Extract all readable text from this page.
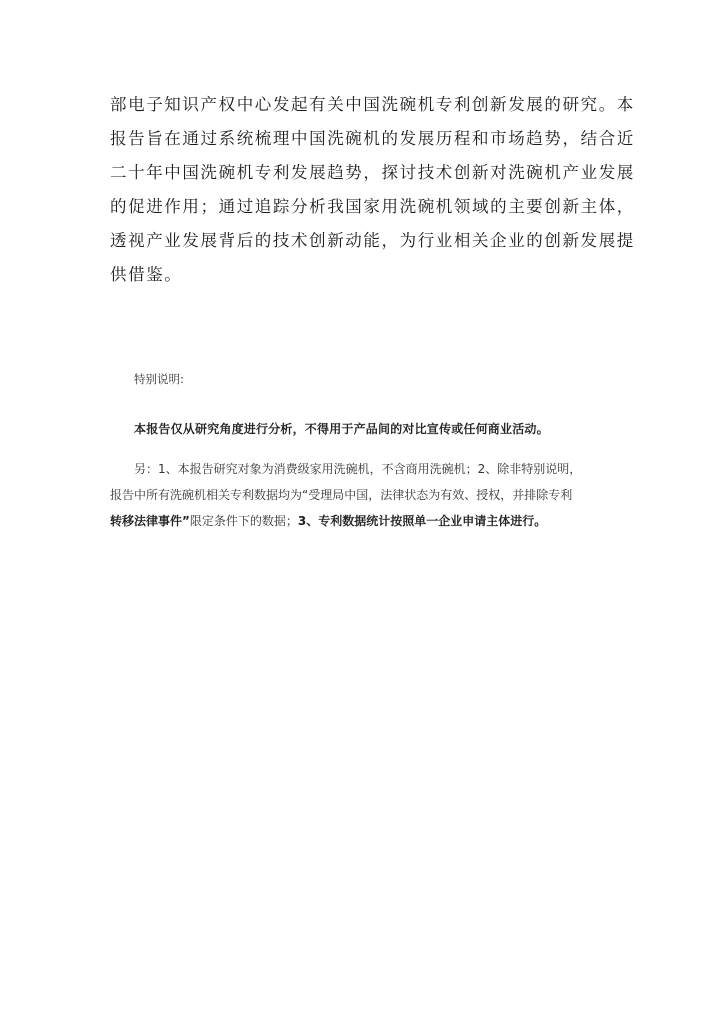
部电子知识产权中心发起有关中国洗碗机专利创新发展的研究。本
报告旨在通过系统梳理中国洗碗机的发展历程和市场趋势，结合近
二十年中国洗碗机专利发展趋势，探讨技术创新对洗碗机产业发展
的促进作用；通过追踪分析我国家用洗碗机领域的主要创新主体，
透视产业发展背后的技术创新动能，为行业相关企业的创新发展提
供借鉴。
特别说明:
本报告仅从研究角度进行分析，不得用于产品间的对比宣传或任何商业活动。
另：1、本报告研究对象为消费级家用洗碗机，不含商用洗碗机；2、除非特别说明，
报告中所有洗碗机相关专利数据均为“受理局中国，法律状态为有效、授权，并排除专利
转移法律事件”限定条件下的数据；3、专利数据统计按照单一企业申请主体进行。
